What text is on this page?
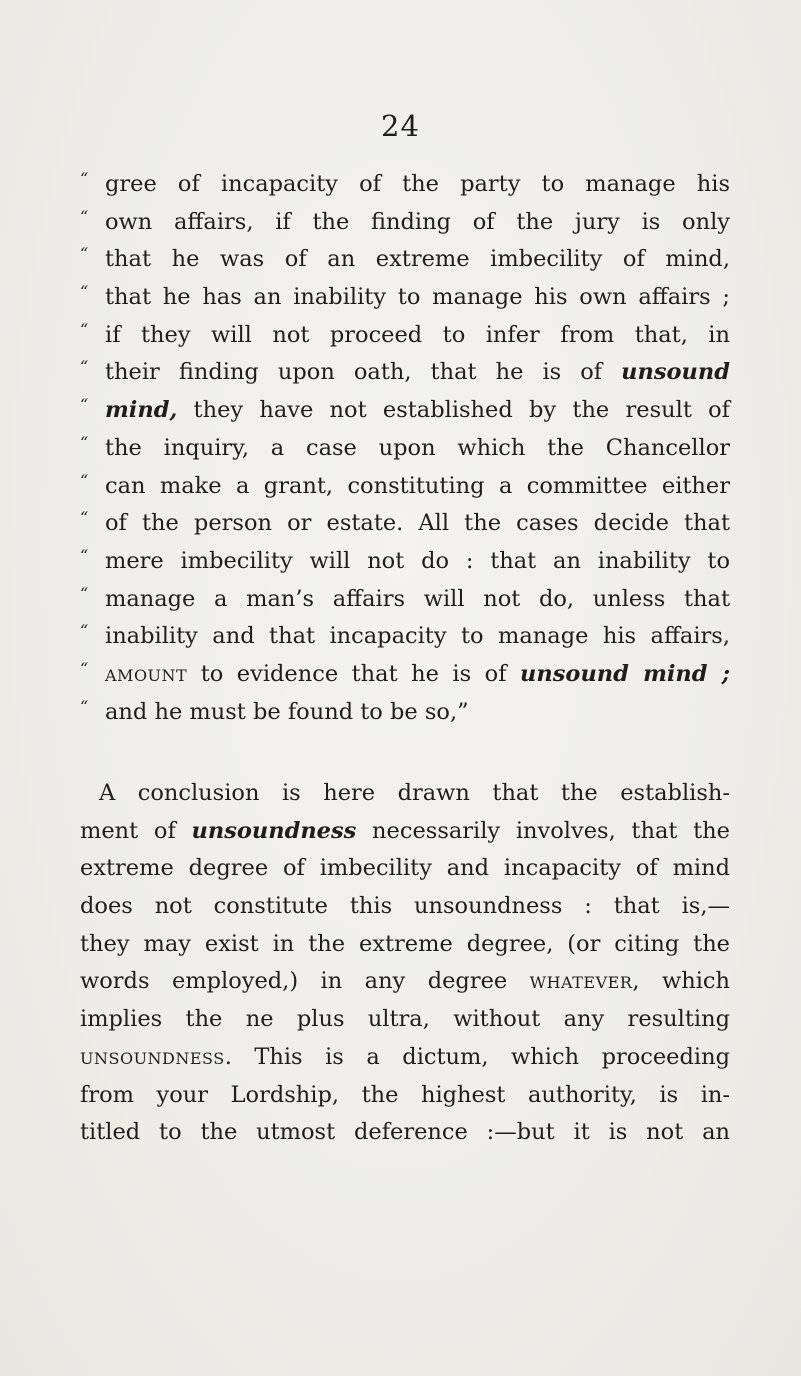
24
“ gree of incapacity of the party to manage his
“ own affairs, if the finding of the jury is only
“ that he was of an extreme imbecility of mind,
“ that he has an inability to manage his own affairs ;
“ if they will not proceed to infer from that, in
“ their finding upon oath, that he is of unsound
“ mind, they have not established by the result of
“ the inquiry, a case upon which the Chancellor
“ can make a grant, constituting a committee either
“ of the person or estate. All the cases decide that
“ mere imbecility will not do : that an inability to
“ manage a man’s affairs will not do, unless that
“ inability and that incapacity to manage his affairs,
“ amount to evidence that he is of unsound mind ;
“ and he must be found to be so,”
A conclusion is here drawn that the establish-
ment of unsoundness necessarily involves, that the
extreme degree of imbecility and incapacity of mind
does not constitute this unsoundness : that is,—
they may exist in the extreme degree, (or citing the
words employed,) in any degree whatever, which
implies the ne plus ultra, without any resulting
unsoundness. This is a dictum, which proceeding
from your Lordship, the highest authority, is in-
titled to the utmost deference :—but it is not an
